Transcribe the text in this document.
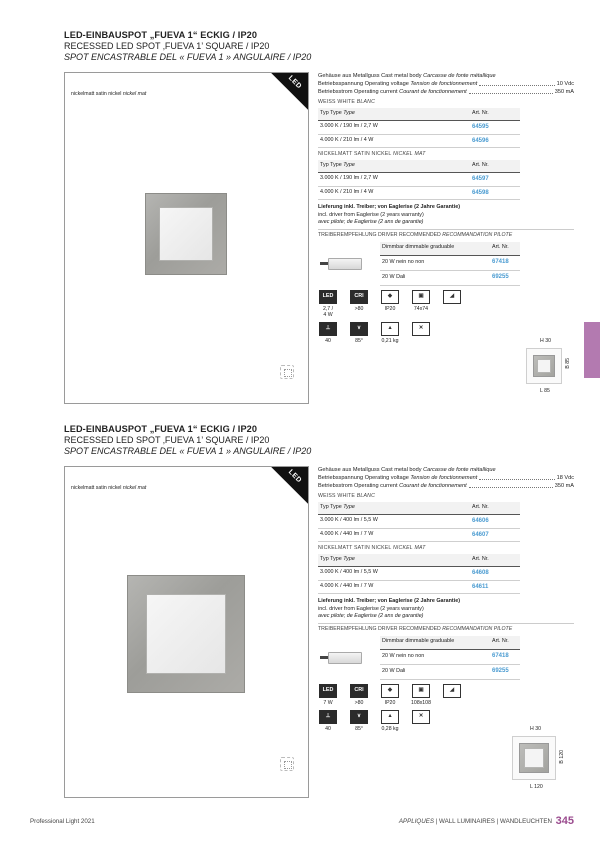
LED-EINBAUSPOT „FUEVA 1“ ECKIG / IP20
RECESSED LED SPOT ‚FUEVA 1’ SQUARE / IP20
SPOT ENCASTRABLE DEL « FUEVA 1 » ANGULAIRE / IP20
nickelmatt satin nickel nickel mat
LED	Gehäuse aus Metallguss Cast metal body Carcasse de fonte métallique
Betriebsspannung Operating voltage Tension de fonctionnement	10 Vdc
Betriebsstrom Operating current Courant de fonctionnement	350 mA
WEISS WHITE BLANC
Typ Type Type	Art. Nr.
3.000 K / 190 lm / 2,7 W	64595
4.000 K / 210 lm / 4 W	64596
NICKELMATT SATIN NICKEL NICKEL MAT
Typ Type Type	Art. Nr.
3.000 K / 190 lm / 2,7 W	64597
4.000 K / 210 lm / 4 W	64598
Lieferung inkl. Treiber; von Eaglerise (2 Jahre Garantie)
incl. driver from Eaglerise (2 years warranty)
avec pilote; de Eaglerise (2 ans de garantie)
TREIBEREMPFEHLUNG DRIVER RECOMMENDED RECOMMANDATION PILOTE
Dimmbar dimmable graduable	Art. Nr.
20 W nein no non	67418
20 W Dali	69255
LED
2,7 /
4 W
CRI
>80
◆
IP20
▣
74x74
◢
⊥
40
∨
85°
▲
0,21 kg
✕
H 30
B 85
L 85
LED-EINBAUSPOT „FUEVA 1“ ECKIG / IP20
RECESSED LED SPOT ‚FUEVA 1’ SQUARE / IP20
SPOT ENCASTRABLE DEL « FUEVA 1 » ANGULAIRE / IP20
nickelmatt satin nickel nickel mat
LED	Gehäuse aus Metallguss Cast metal body Carcasse de fonte métallique
Betriebsspannung Operating voltage Tension de fonctionnement	18 Vdc
Betriebsstrom Operating current Courant de fonctionnement	350 mA
WEISS WHITE BLANC
Typ Type Type	Art. Nr.
3.000 K / 400 lm / 5,5 W	64606
4.000 K / 440 lm / 7 W	64607
NICKELMATT SATIN NICKEL NICKEL MAT
Typ Type Type	Art. Nr.
3.000 K / 400 lm / 5,5 W	64608
4.000 K / 440 lm / 7 W	64611
Lieferung inkl. Treiber; von Eaglerise (2 Jahre Garantie)
incl. driver from Eaglerise (2 years warranty)
avec pilote; de Eaglerise (2 ans de garantie)
TREIBEREMPFEHLUNG DRIVER RECOMMENDED RECOMMANDATION PILOTE
Dimmbar dimmable graduable	Art. Nr.
20 W nein no non	67418
20 W Dali	69255
LED
7 W
CRI
>80
◆
IP20
▣
108x108
◢
⊥
40
∨
85°
▲
0,28 kg
✕
H 30
B 120
L 120
Professional Light 2021	APPLIQUES | WALL LUMINAIRES | WANDLEUCHTEN 345
